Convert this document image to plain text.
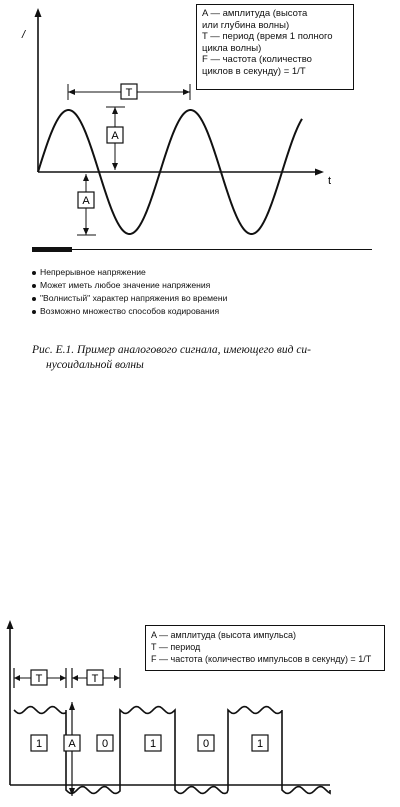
/
t
T
A
A
A — амплитуда (высота
или глубина волны)
T — период (время 1 полного
цикла волны)
F — частота (количество
циклов в секунду) = 1/T
Непрерывное напряжение
Может иметь любое значение напряжения
"Волнистый" характер напряжения во времени
Возможно множество способов кодирования
Рис. Е.1. Пример аналогового сигнала, имеющего вид си-
нусоидальной волны
T	T
A
1	0	1	0	1
A — амплитуда (высота импульса)
T — период
F — частота (количество импульсов в секунду) = 1/T
